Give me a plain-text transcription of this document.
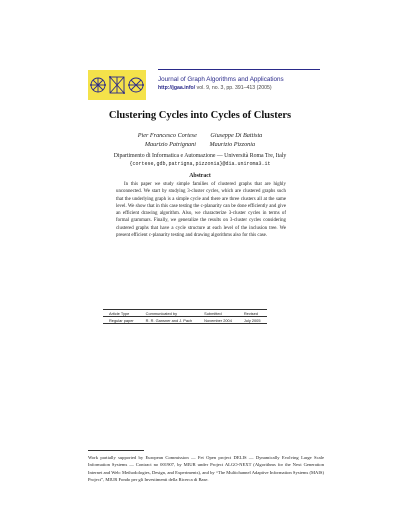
Journal of Graph Algorithms and Applications
http://jgaa.info/ vol. 9, no. 3, pp. 391–413 (2005)
Clustering Cycles into Cycles of Clusters
Pier Francesco Cortese Giuseppe Di Battista
Maurizio Patrignani Maurizio Pizzonia
Dipartimento di Informatica e Automazione — Università Roma Tre, Italy
{cortese,gdb,patrigna,pizzonia}@dia.uniroma3.it
Abstract
In this paper we study simple families of clustered graphs that are highly unconnected. We start by studying 3-cluster cycles, which are clustered graphs such that the underlying graph is a simple cycle and there are three clusters all at the same level. We show that in this case testing the c-planarity can be done efficiently and give an efficient drawing algorithm. Also, we characterize 3-cluster cycles in terms of formal grammars. Finally, we generalize the results on 3-cluster cycles considering clustered graphs that have a cycle structure at each level of the inclusion tree. We present efficient c-planarity testing and drawing algorithms also for this case.
Article Type	Communicated by	Submitted	Revised
Regular paper	R. R. Gansner and J. Pach	November 2004	July 2005
Work partially supported by European Commission — Fet Open project DELIS — Dynamically Evolving Large Scale Information Systems — Contract no 001907, by MIUR under Project ALGO-NEXT (Algorithms for the Next Generation Internet and Web: Methodologies, Design, and Experiments), and by “The Multichannel Adaptive Information Systems (MAIS) Project”, MIUR Fondo per gli Investimenti della Ricerca di Base.
